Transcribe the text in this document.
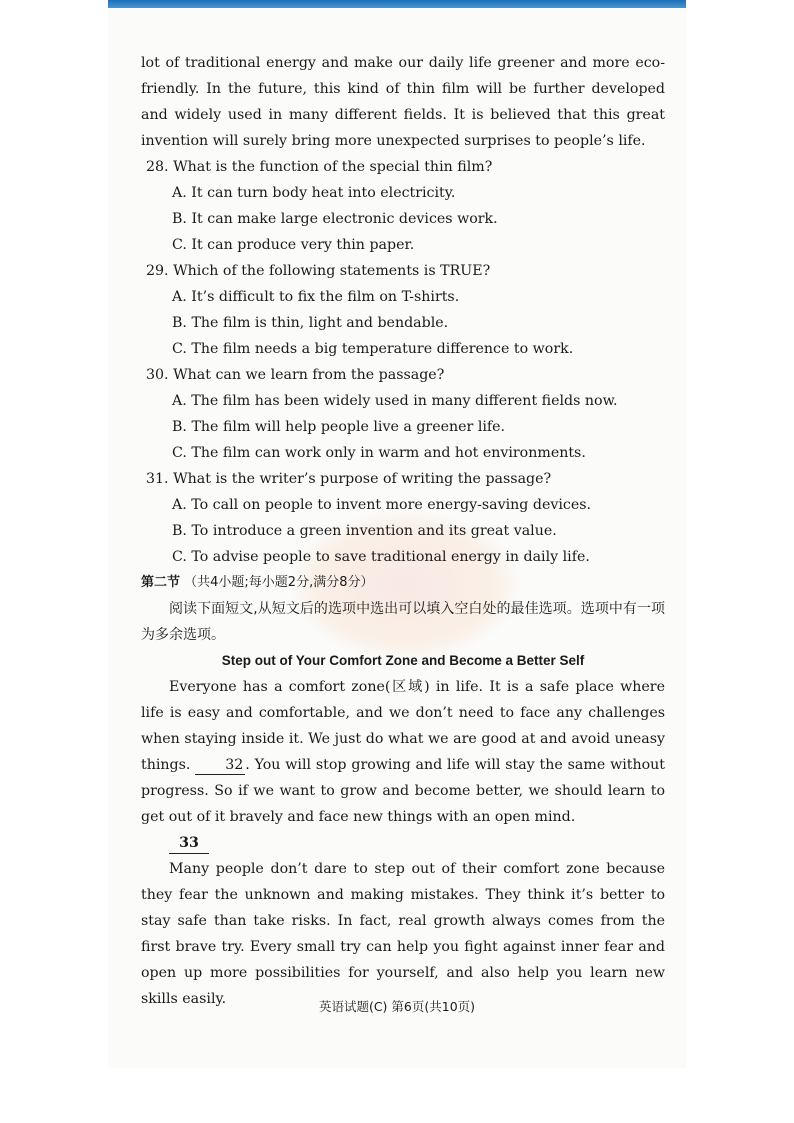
lot of traditional energy and make our daily life greener and more eco-friendly. In the future, this kind of thin film will be further developed and widely used in many different fields. It is believed that this great invention will surely bring more unexpected surprises to people’s life.

28. What is the function of the special thin film?

A. It can turn body heat into electricity.

B. It can make large electronic devices work.

C. It can produce very thin paper.

29. Which of the following statements is TRUE?

A. It’s difficult to fix the film on T-shirts.

B. The film is thin, light and bendable.

C. The film needs a big temperature difference to work.

30. What can we learn from the passage?

A. The film has been widely used in many different fields now.

B. The film will help people live a greener life.

C. The film can work only in warm and hot environments.

31. What is the writer’s purpose of writing the passage?

A. To call on people to invent more energy-saving devices.

B. To introduce a green invention and its great value.

C. To advise people to save traditional energy in daily life.

第二节 （共4小题;每小题2分,满分8分）

阅读下面短文,从短文后的选项中选出可以填入空白处的最佳选项。选项中有一项为多余选项。

Step out of Your Comfort Zone and Become a Better Self

Everyone has a comfort zone(区域) in life. It is a safe place where life is easy and comfortable, and we don’t need to face any challenges when staying inside it. We just do what we are good at and avoid uneasy things. 32 . You will stop growing and life will stay the same without progress. So if we want to grow and become better, we should learn to get out of it bravely and face new things with an open mind.

33

Many people don’t dare to step out of their comfort zone because they fear the unknown and making mistakes. They think it’s better to stay safe than take risks. In fact, real growth always comes from the first brave try. Every small try can help you fight against inner fear and open up more possibilities for yourself, and also help you learn new skills easily.	英语试题(C) 第6页(共10页)
